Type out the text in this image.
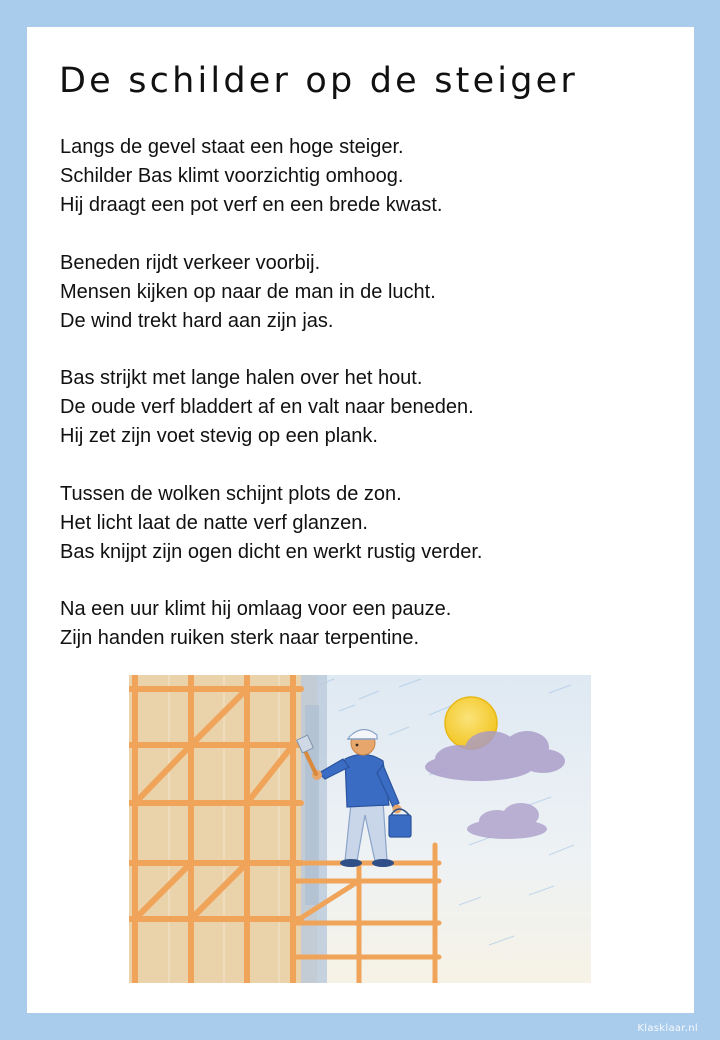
De schilder op de steiger
Langs de gevel staat een hoge steiger.
Schilder Bas klimt voorzichtig omhoog.
Hij draagt een pot verf en een brede kwast.
Beneden rijdt verkeer voorbij.
Mensen kijken op naar de man in de lucht.
De wind trekt hard aan zijn jas.
Bas strijkt met lange halen over het hout.
De oude verf bladdert af en valt naar beneden.
Hij zet zijn voet stevig op een plank.
Tussen de wolken schijnt plots de zon.
Het licht laat de natte verf glanzen.
Bas knijpt zijn ogen dicht en werkt rustig verder.
Na een uur klimt hij omlaag voor een pauze.
Zijn handen ruiken sterk naar terpentine.
Klasklaar.nl
